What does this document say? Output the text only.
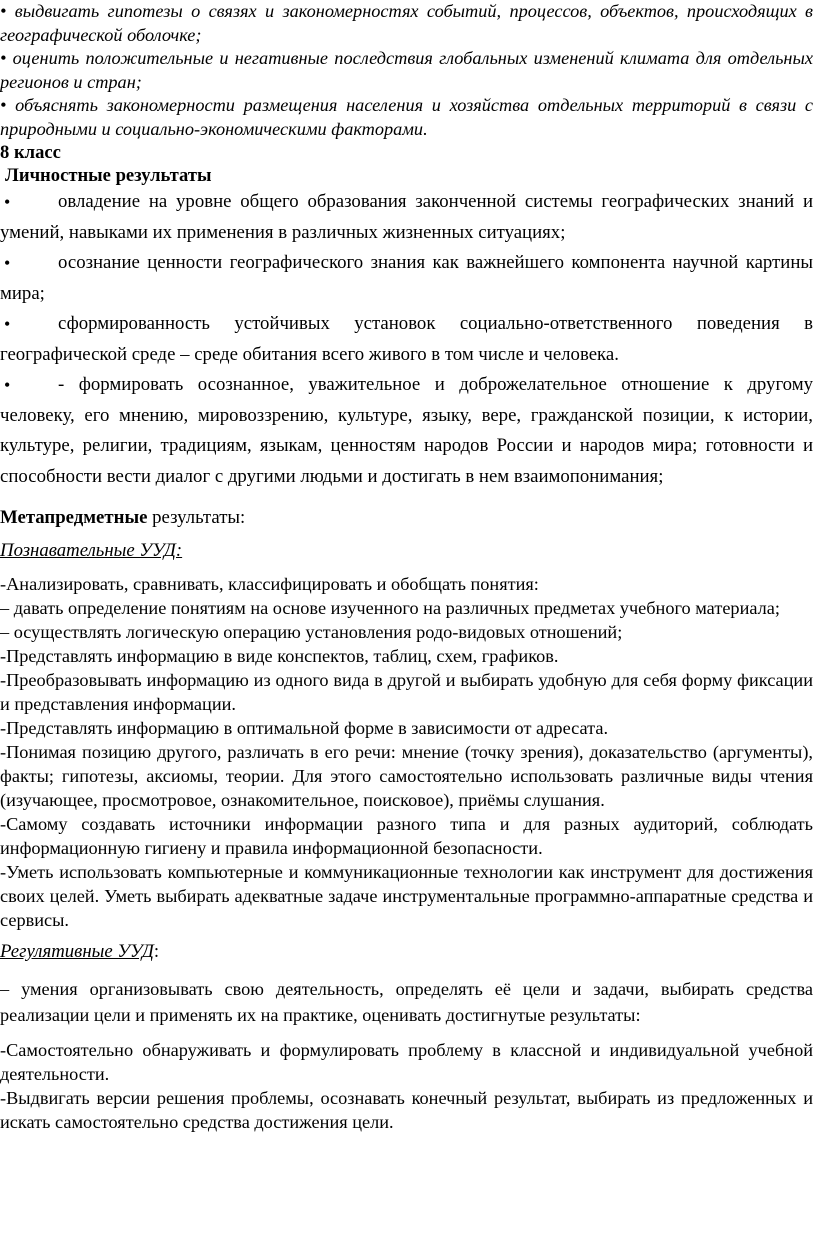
• выдвигать гипотезы о связях и закономерностях событий, процессов, объектов, происходящих в географической оболочке;

• оценить положительные и негативные последствия глобальных изменений климата для отдельных регионов и стран;

• объяснять закономерности размещения населения и хозяйства отдельных территорий в связи с природными и социально-экономическими факторами.

8 класс

Личностные результаты

•	овладение на уровне общего образования законченной системы географических знаний и умений, навыками их применения в различных жизненных ситуациях;

•	осознание ценности географического знания как важнейшего компонента научной картины мира;

•	сформированность устойчивых установок социально-ответственного поведения в географической среде – среде обитания всего живого в том числе и человека.

•	- формировать осознанное, уважительное и доброжелательное отношение к другому человеку, его мнению, мировоззрению, культуре, языку, вере, гражданской позиции, к истории, культуре, религии, традициям, языкам, ценностям народов России и народов мира; готовности и способности вести диалог с другими людьми и достигать в нем взаимопонимания;

Метапредметные результаты:

Познавательные УУД:

-Анализировать, сравнивать, классифицировать и обобщать понятия:

– давать определение понятиям на основе изученного на различных предметах учебного материала;

– осуществлять логическую операцию установления родо-видовых отношений;

-Представлять информацию в виде конспектов, таблиц, схем, графиков.

-Преобразовывать информацию из одного вида в другой и выбирать удобную для себя форму фиксации и представления информации.

-Представлять информацию в оптимальной форме в зависимости от адресата.

-Понимая позицию другого, различать в его речи: мнение (точку зрения), доказательство (аргументы), факты; гипотезы, аксиомы, теории. Для этого самостоятельно использовать различные виды чтения (изучающее, просмотровое, ознакомительное, поисковое), приёмы слушания.

-Самому создавать источники информации разного типа и для разных аудиторий, соблюдать информационную гигиену и правила информационной безопасности.

-Уметь использовать компьютерные и коммуникационные технологии как инструмент для достижения своих целей. Уметь выбирать адекватные задаче инструментальные программно-аппаратные средства и сервисы.

Регулятивные УУД:

– умения организовывать свою деятельность, определять её цели и задачи, выбирать средства реализации цели и применять их на практике, оценивать достигнутые результаты:

-Самостоятельно обнаруживать и формулировать проблему в классной и индивидуальной учебной деятельности.

-Выдвигать версии решения проблемы, осознавать конечный результат, выбирать из предложенных и искать самостоятельно средства достижения цели.
